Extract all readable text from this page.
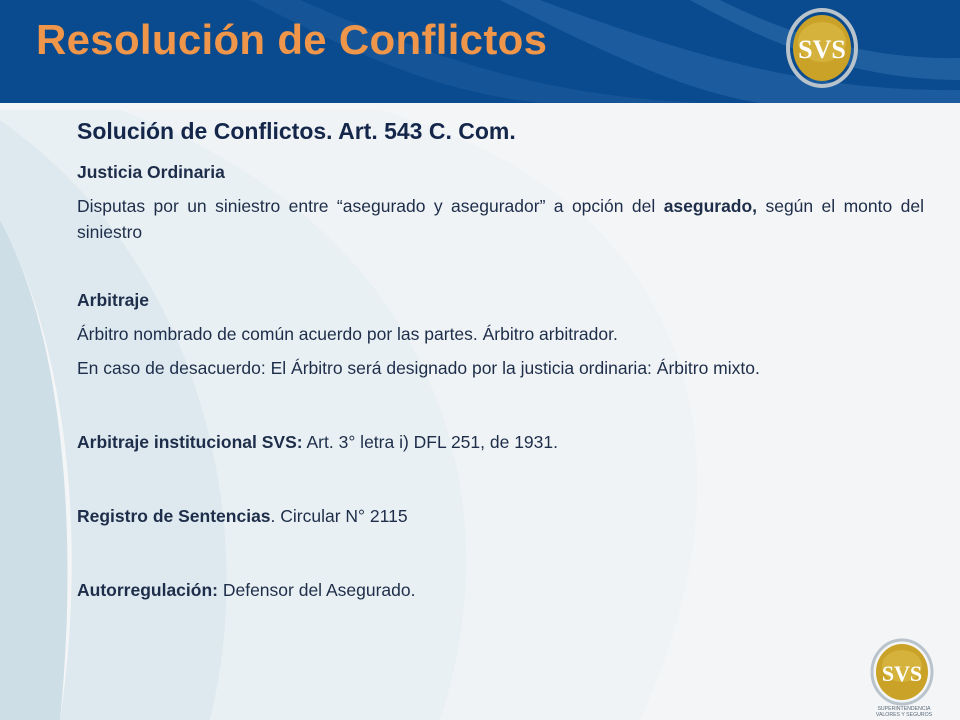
Resolución de Conflictos	SVS
Solución de Conflictos. Art. 543 C. Com.

Justicia Ordinaria

Disputas por un siniestro entre “asegurado y asegurador” a opción del asegurado, según el monto del siniestro

Arbitraje

Árbitro nombrado de común acuerdo por las partes. Árbitro arbitrador.

En caso de desacuerdo: El Árbitro será designado por la justicia ordinaria: Árbitro mixto.

Arbitraje institucional SVS: Art. 3° letra i) DFL 251, de 1931.

Registro de Sentencias. Circular N° 2115

Autorregulación: Defensor del Asegurado.

SVS
SUPERINTENDENCIA
VALORES Y SEGUROS
